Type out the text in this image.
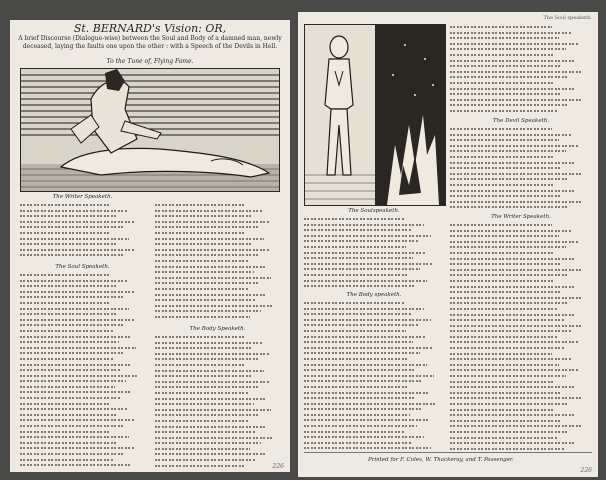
St. BERNARD's Vision: OR,
A brief Discourse (Dialogue-wise) between the Soul and Body of a damned man, newly deceased, laying the faults one upon the other : with a Speech of the Devils in Hell.
To the Tune of, Flying Fame.
The Writer Speaketh.
The Soul Speaketh.
The Body Speaketh.
226
The Soul speaketh.
The Devil Speaketh.
The Writer Speaketh.
The Soulspeaketh.
The Body speaketh.
Printed for F. Coles, W. Thackeray, and T. Passenger.
226
